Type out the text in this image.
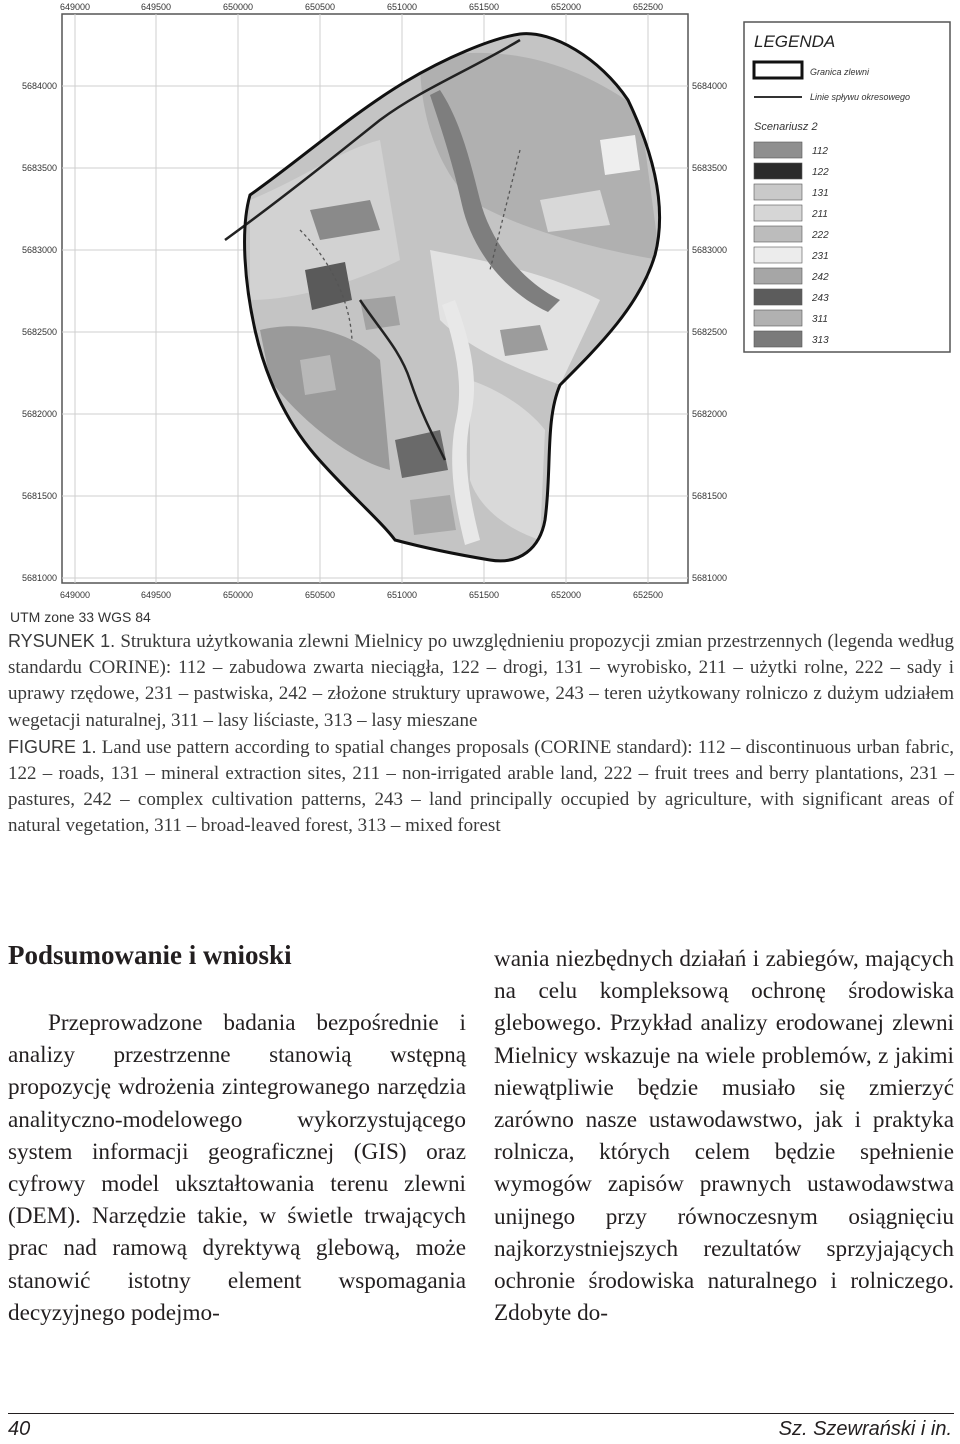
649000	649500	650000	650500	651000	651500	652000	652500
649000	649500	650000	650500	651000	651500	652000	652500
5684000
5683500
5683000
5682500
5682000
5681500
5681000
5684000
5683500
5683000
5682500
5682000
5681500
5681000
LEGENDA
Granica zlewni
Linie spływu okresowego
Scenariusz 2
112
122
131
211
222
231
242
243
311
313
UTM zone 33 WGS 84

RYSUNEK 1. Struktura użytkowania zlewni Mielnicy po uwzględnieniu propozycji zmian przestrzennych (legenda według standardu CORINE): 112 – zabudowa zwarta nieciągła, 122 – drogi, 131 – wyrobisko, 211 – użytki rolne, 222 – sady i uprawy rzędowe, 231 – pastwiska, 242 – złożone struktury uprawowe, 243 – teren użytkowany rolniczo z dużym udziałem wegetacji naturalnej, 311 – lasy liściaste, 313 – lasy mieszane

FIGURE 1. Land use pattern according to spatial changes proposals (CORINE standard): 112 – discontinuous urban fabric, 122 – roads, 131 – mineral extraction sites, 211 – non-irrigated arable land, 222 – fruit trees and berry plantations, 231 – pastures, 242 – complex cultivation patterns, 243 – land principally occupied by agriculture, with significant areas of natural vegetation, 311 – broad-leaved forest, 313 – mixed forest

Podsumowanie i wnioski

Przeprowadzone badania bezpośrednie i analizy przestrzenne stanowią wstępną propozycję wdrożenia zintegrowanego narzędzia analityczno-modelowego wykorzystującego system informacji geograficznej (GIS) oraz cyfrowy model ukształtowania terenu zlewni (DEM). Narzędzie takie, w świetle trwających prac nad ramową dyrektywą glebową, może stanowić istotny element wspomagania decyzyjnego podejmo-

wania niezbędnych działań i zabiegów, mających na celu kompleksową ochronę środowiska glebowego. Przykład analizy erodowanej zlewni Mielnicy wskazuje na wiele problemów, z jakimi niewątpliwie będzie musiało się zmierzyć zarówno nasze ustawodawstwo, jak i praktyka rolnicza, których celem będzie spełnienie wymogów zapisów prawnych ustawodawstwa unijnego przy równoczesnym osiągnięciu najkorzystniejszych rezultatów sprzyjających ochronie środowiska naturalnego i rolniczego. Zdobyte do-

40	Sz. Szewrański i in.
